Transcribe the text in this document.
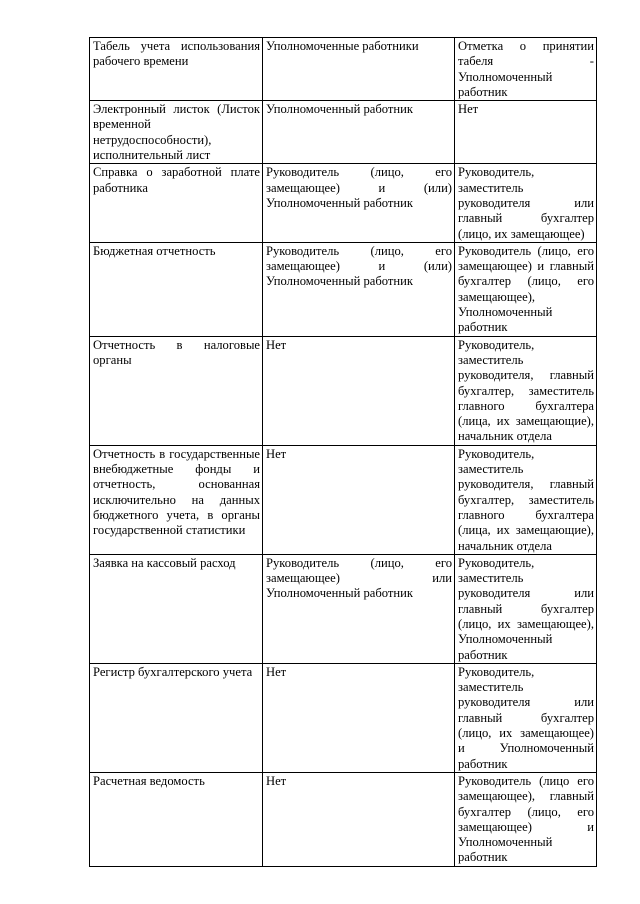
Табель учета использования рабочего времени	Уполномоченные работники	Отметка о принятии табеля - Уполномоченный работник
Электронный листок (Листок временной нетрудоспособности), исполнительный лист	Уполномоченный работник	Нет
Справка о заработной плате работника	Руководитель (лицо, его замещающее) и (или) Уполномоченный работник	Руководитель, заместитель руководителя или главный бухгалтер (лицо, их замещающее)
Бюджетная отчетность	Руководитель (лицо, его замещающее) и (или) Уполномоченный работник	Руководитель (лицо, его замещающее) и главный бухгалтер (лицо, его замещающее), Уполномоченный работник
Отчетность в налоговые органы	Нет	Руководитель, заместитель руководителя, главный бухгалтер, заместитель главного бухгалтера (лица, их замещающие), начальник отдела
Отчетность в государственные внебюджетные фонды и отчетность, основанная исключительно на данных бюджетного учета, в органы государственной статистики	Нет	Руководитель, заместитель руководителя, главный бухгалтер, заместитель главного бухгалтера (лица, их замещающие), начальник отдела
Заявка на кассовый расход	Руководитель (лицо, его замещающее) или Уполномоченный работник	Руководитель, заместитель руководителя или главный бухгалтер (лицо, их замещающее), Уполномоченный работник
Регистр бухгалтерского учета	Нет	Руководитель, заместитель руководителя или главный бухгалтер (лицо, их замещающее) и Уполномоченный работник
Расчетная ведомость	Нет	Руководитель (лицо его замещающее), главный бухгалтер (лицо, его замещающее) и Уполномоченный работник
